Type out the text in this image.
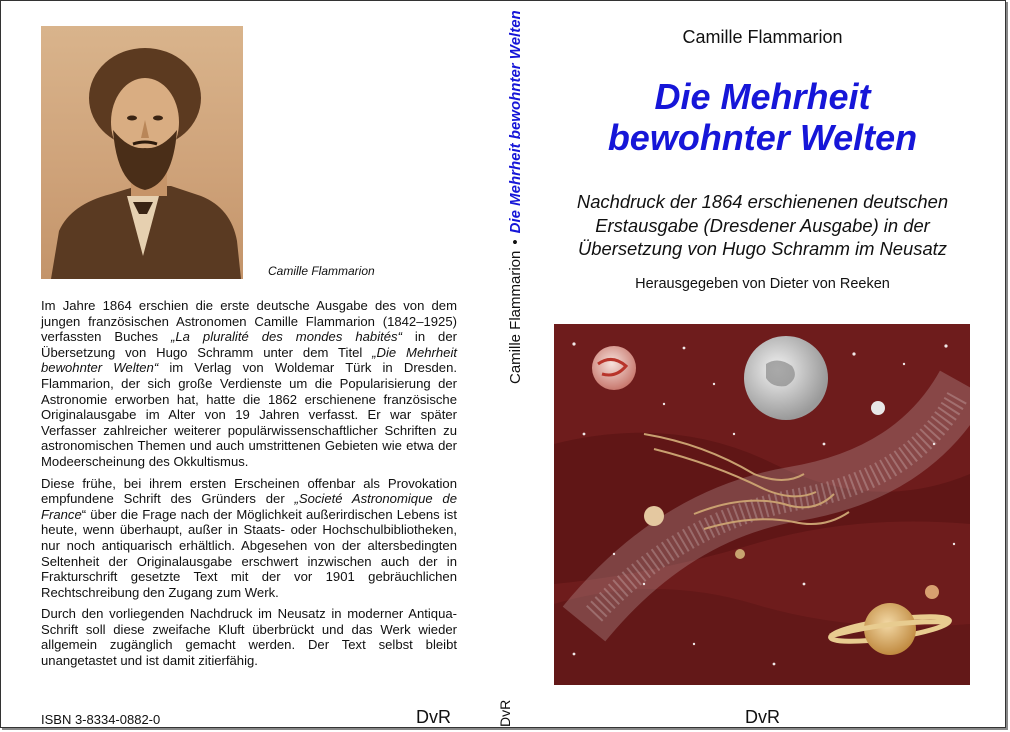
Camille Flammarion

Im Jahre 1864 erschien die erste deutsche Ausgabe des von dem jungen französischen Astronomen Camille Flammarion (1842–1925) verfassten Buches „La pluralité des mondes habités“ in der Übersetzung von Hugo Schramm unter dem Titel „Die Mehrheit bewohnter Welten“ im Verlag von Woldemar Türk in Dresden. Flammarion, der sich große Verdienste um die Popularisierung der Astronomie erworben hat, hatte die 1862 erschienene französische Originalausgabe im Alter von 19 Jahren verfasst. Er war später Verfasser zahlreicher weiterer populärwissenschaftlicher Schriften zu astronomischen Themen und auch umstrittenen Gebieten wie etwa der Modeerscheinung des Okkultismus.

Diese frühe, bei ihrem ersten Erscheinen offenbar als Provokation empfundene Schrift des Gründers der „Societé Astronomique de France“ über die Frage nach der Möglichkeit außerirdischen Lebens ist heute, wenn überhaupt, außer in Staats- oder Hochschulbibliotheken, nur noch antiquarisch erhältlich. Abgesehen von der altersbedingten Seltenheit der Originalausgabe erschwert inzwischen auch der in Frakturschrift gesetzte Text mit der vor 1901 gebräuchlichen Rechtschreibung den Zugang zum Werk.

Durch den vorliegenden Nachdruck im Neusatz in moderner Antiqua-Schrift soll diese zweifache Kluft überbrückt und das Werk wieder allgemein zugänglich gemacht werden. Der Text selbst bleibt unangetastet und ist damit zitierfähig.

ISBN 3-8334-0882-0	DvR
Camille Flammarion•Die Mehrheit bewohnter Welten
DvR
Camille Flammarion
Die Mehrheit
bewohnter Welten
Nachdruck der 1864 erschienenen deutschen
Erstausgabe (Dresdener Ausgabe) in der
Übersetzung von Hugo Schramm im Neusatz
Herausgegeben von Dieter von Reeken
DvR
